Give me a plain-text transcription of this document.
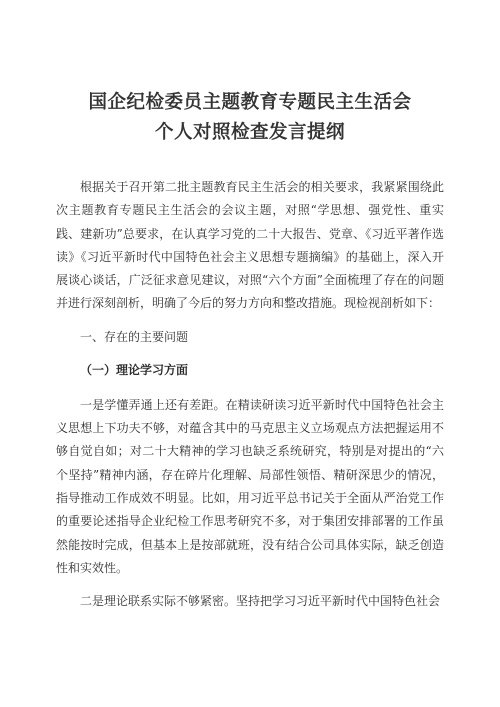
国企纪检委员主题教育专题民主生活会
个人对照检查发言提纲

根据关于召开第二批主题教育民主生活会的相关要求，我紧紧围绕此次主题教育专题民主生活会的会议主题，对照“学思想、强党性、重实践、建新功”总要求，在认真学习党的二十大报告、党章、《习近平著作选读》《习近平新时代中国特色社会主义思想专题摘编》的基础上，深入开展谈心谈话，广泛征求意见建议，对照“六个方面”全面梳理了存在的问题并进行深刻剖析，明确了今后的努力方向和整改措施。现检视剖析如下：

一、存在的主要问题

（一）理论学习方面

一是学懂弄通上还有差距。在精读研读习近平新时代中国特色社会主义思想上下功夫不够，对蕴含其中的马克思主义立场观点方法把握运用不够自觉自如；对二十大精神的学习也缺乏系统研究，特别是对提出的“六个坚持”精神内涵，存在碎片化理解、局部性领悟、精研深思少的情况，指导推动工作成效不明显。比如，用习近平总书记关于全面从严治党工作的重要论述指导企业纪检工作思考研究不多，对于集团安排部署的工作虽然能按时完成，但基本上是按部就班，没有结合公司具体实际，缺乏创造性和实效性。

二是理论联系实际不够紧密。坚持把学习习近平新时代中国特色社会
